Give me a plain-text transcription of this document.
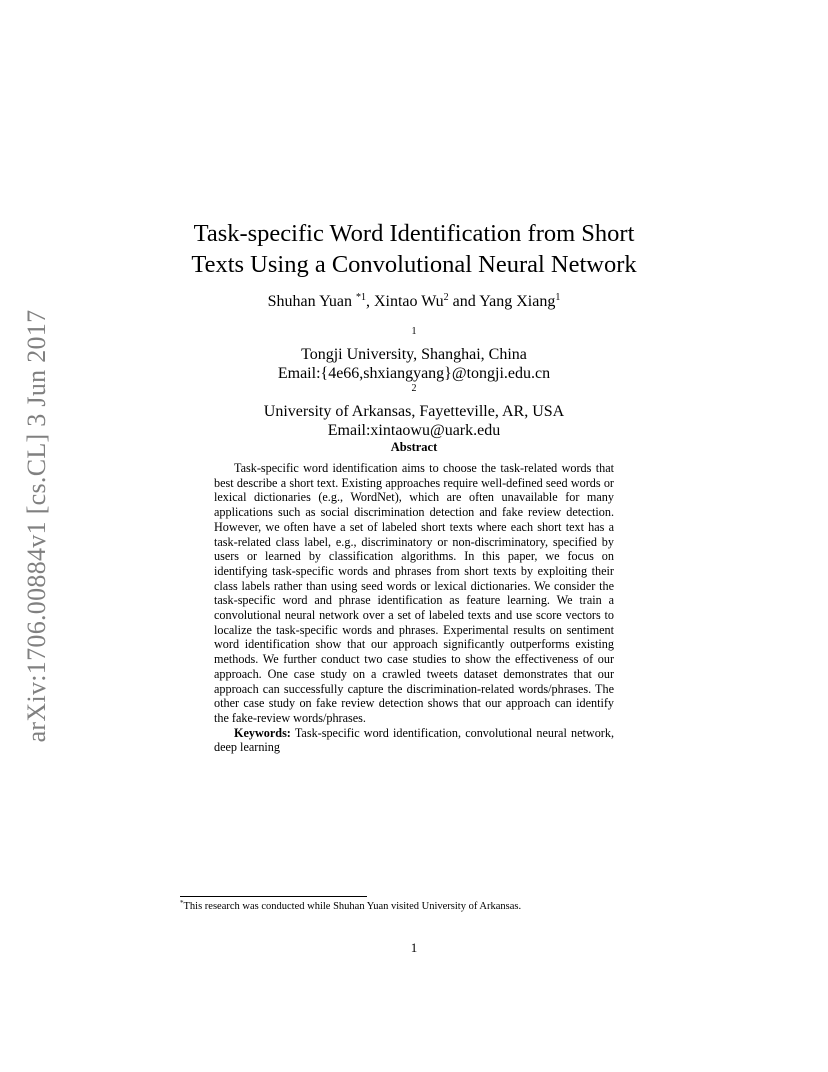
arXiv:1706.00884v1 [cs.CL] 3 Jun 2017
Task-specific Word Identification from Short
Texts Using a Convolutional Neural Network
Shuhan Yuan $^{*1}$, Xintao Wu$^2$ and Yang Xiang$^1$
$^1$
Tongji University, Shanghai, China
Email:{4e66,shxiangyang}@tongji.edu.cn
$^2$
University of Arkansas, Fayetteville, AR, USA
Email:xintaowu@uark.edu
Abstract

Task-specific word identification aims to choose the task-related words that best describe a short text. Existing approaches require well-defined seed words or lexical dictionaries (e.g., WordNet), which are often unavailable for many applications such as social discrimination detection and fake review detection. However, we often have a set of labeled short texts where each short text has a task-related class label, e.g., discriminatory or non-discriminatory, specified by users or learned by classification algorithms. In this paper, we focus on identifying task-specific words and phrases from short texts by exploiting their class labels rather than using seed words or lexical dictionaries. We consider the task-specific word and phrase identification as feature learning. We train a convolutional neural network over a set of labeled texts and use score vectors to localize the task-specific words and phrases. Experimental results on sentiment word identification show that our approach significantly outperforms existing methods. We further conduct two case studies to show the effectiveness of our approach. One case study on a crawled tweets dataset demonstrates that our approach can successfully capture the discrimination-related words/phrases. The other case study on fake review detection shows that our approach can identify the fake-review words/phrases.

Keywords: Task-specific word identification, convolutional neural network, deep learning

*This research was conducted while Shuhan Yuan visited University of Arkansas.
1
